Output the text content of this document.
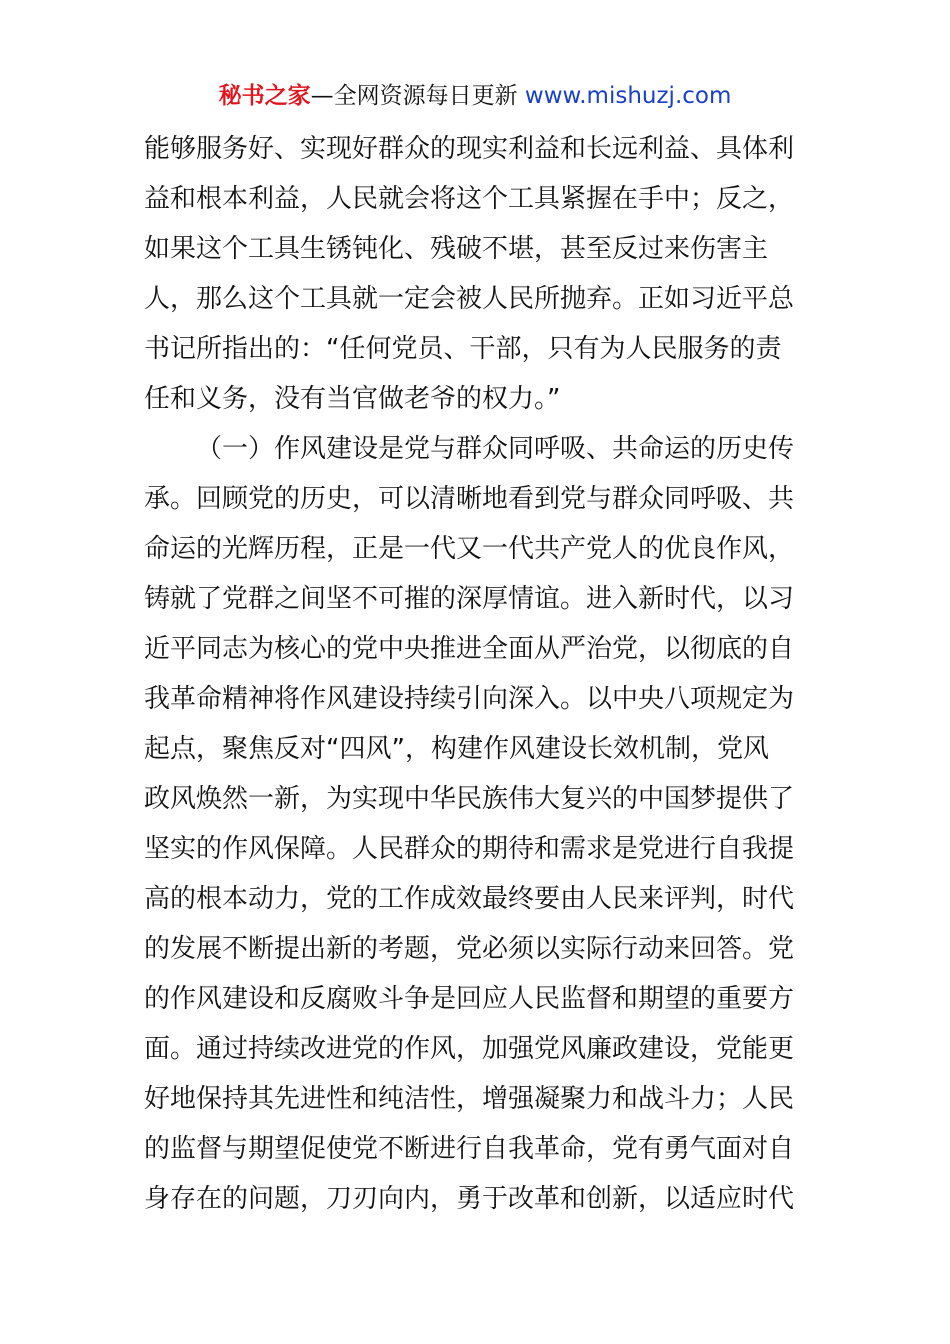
秘书之家—全网资源每日更新 www.mishuzj.com
能够服务好、实现好群众的现实利益和长远利益、具体利
益和根本利益，人民就会将这个工具紧握在手中；反之，
如果这个工具生锈钝化、残破不堪，甚至反过来伤害主
人，那么这个工具就一定会被人民所抛弃。正如习近平总
书记所指出的：“任何党员、干部，只有为人民服务的责
任和义务，没有当官做老爷的权力。”
（一）作风建设是党与群众同呼吸、共命运的历史传
承。回顾党的历史，可以清晰地看到党与群众同呼吸、共
命运的光辉历程，正是一代又一代共产党人的优良作风，
铸就了党群之间坚不可摧的深厚情谊。进入新时代，以习
近平同志为核心的党中央推进全面从严治党，以彻底的自
我革命精神将作风建设持续引向深入。以中央八项规定为
起点，聚焦反对“四风”，构建作风建设长效机制，党风
政风焕然一新，为实现中华民族伟大复兴的中国梦提供了
坚实的作风保障。人民群众的期待和需求是党进行自我提
高的根本动力，党的工作成效最终要由人民来评判，时代
的发展不断提出新的考题，党必须以实际行动来回答。党
的作风建设和反腐败斗争是回应人民监督和期望的重要方
面。通过持续改进党的作风，加强党风廉政建设，党能更
好地保持其先进性和纯洁性，增强凝聚力和战斗力；人民
的监督与期望促使党不断进行自我革命，党有勇气面对自
身存在的问题，刀刃向内，勇于改革和创新，以适应时代
